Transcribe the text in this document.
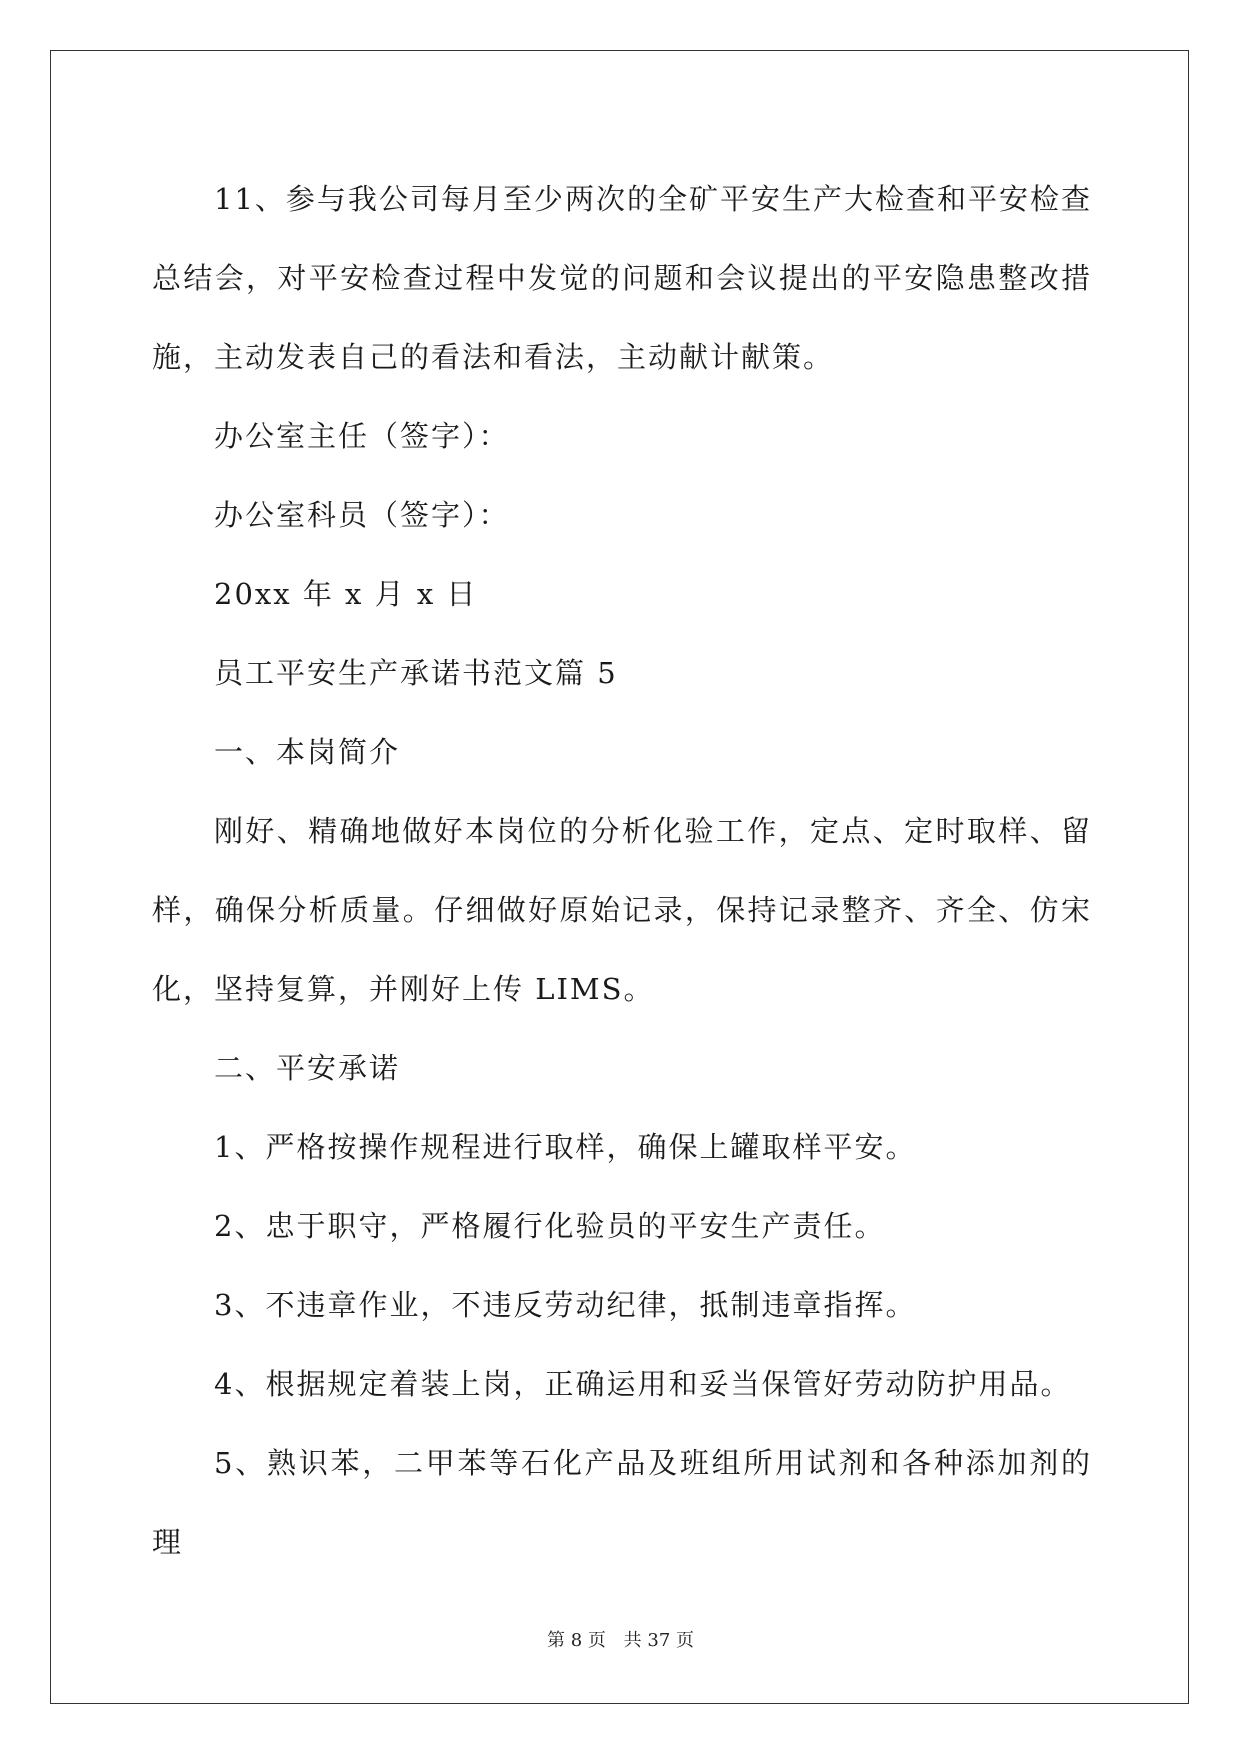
11、参与我公司每月至少两次的全矿平安生产大检查和平安检查总结会，对平安检查过程中发觉的问题和会议提出的平安隐患整改措施，主动发表自己的看法和看法，主动献计献策。

办公室主任（签字）：

办公室科员（签字）：

20xx 年 x 月 x 日

员工平安生产承诺书范文篇 5

一、本岗简介

刚好、精确地做好本岗位的分析化验工作，定点、定时取样、留样，确保分析质量。仔细做好原始记录，保持记录整齐、齐全、仿宋化，坚持复算，并刚好上传 LIMS。

二、平安承诺

1、严格按操作规程进行取样，确保上罐取样平安。

2、忠于职守，严格履行化验员的平安生产责任。

3、不违章作业，不违反劳动纪律，抵制违章指挥。

4、根据规定着装上岗，正确运用和妥当保管好劳动防护用品。

5、熟识苯，二甲苯等石化产品及班组所用试剂和各种添加剂的理

第 8 页 共 37 页
